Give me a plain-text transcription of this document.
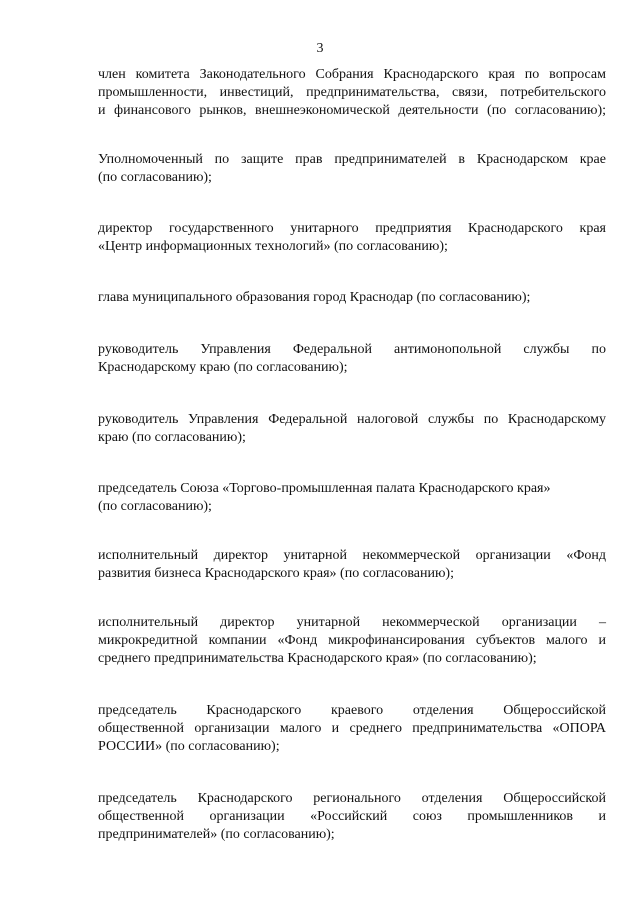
3
член комитета Законодательного Собрания Краснодарского края по вопросам
промышленности, инвестиций, предпринимательства, связи, потребительского
и финансового рынков, внешнеэкономической деятельности (по согласованию);
Уполномоченный по защите прав предпринимателей в Краснодарском крае
(по согласованию);
директор государственного унитарного предприятия Краснодарского края
«Центр информационных технологий» (по согласованию);
глава муниципального образования город Краснодар (по согласованию);
руководитель Управления Федеральной антимонопольной службы по
Краснодарскому краю (по согласованию);
руководитель Управления Федеральной налоговой службы по Краснодарскому
краю (по согласованию);
председатель Союза «Торгово-промышленная палата Краснодарского края»
(по согласованию);
исполнительный директор унитарной некоммерческой организации «Фонд
развития бизнеса Краснодарского края» (по согласованию);
исполнительный директор унитарной некоммерческой организации –
микрокредитной компании «Фонд микрофинансирования субъектов малого и
среднего предпринимательства Краснодарского края» (по согласованию);
председатель Краснодарского краевого отделения Общероссийской
общественной организации малого и среднего предпринимательства «ОПОРА
РОССИИ» (по согласованию);
председатель Краснодарского регионального отделения Общероссийской
общественной организации «Российский союз промышленников и
предпринимателей» (по согласованию);
